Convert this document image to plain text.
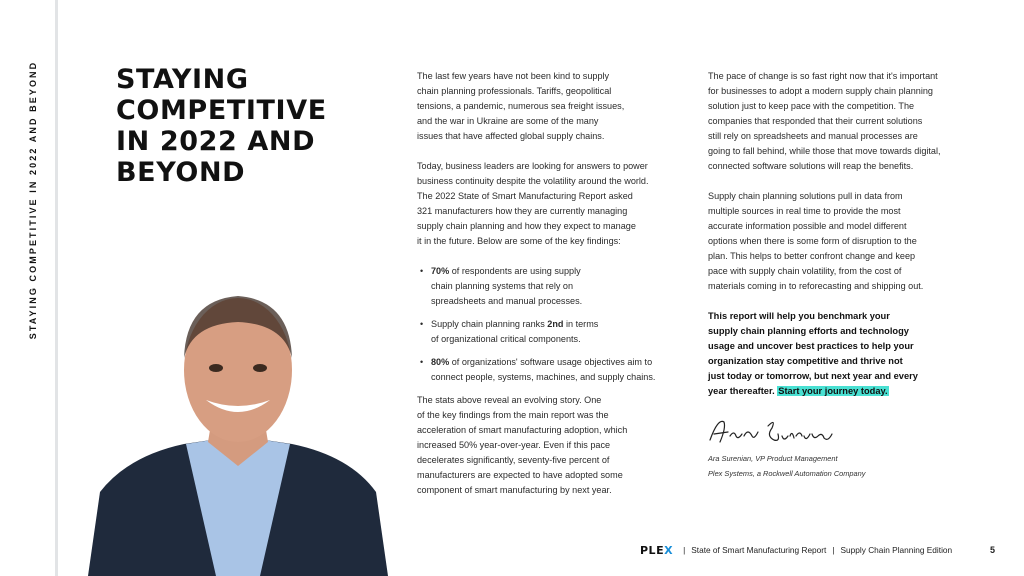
STAYING COMPETITIVE IN 2022 AND BEYOND	STAYING
COMPETITIVE
IN 2022 AND
BEYOND

The last few years have not been kind to supply
chain planning professionals. Tariffs, geopolitical
tensions, a pandemic, numerous sea freight issues,
and the war in Ukraine are some of the many
issues that have affected global supply chains.

Today, business leaders are looking for answers to power
business continuity despite the volatility around the world.
The 2022 State of Smart Manufacturing Report asked
321 manufacturers how they are currently managing
supply chain planning and how they expect to manage
it in the future. Below are some of the key findings:

• 70% of respondents are using supply
chain planning systems that rely on
spreadsheets and manual processes.
• Supply chain planning ranks 2nd in terms
of organizational critical components.
• 80% of organizations' software usage objectives aim to
connect people, systems, machines, and supply chains.

The stats above reveal an evolving story. One
of the key findings from the main report was the
acceleration of smart manufacturing adoption, which
increased 50% year-over-year. Even if this pace
decelerates significantly, seventy-five percent of
manufacturers are expected to have adopted some
component of smart manufacturing by next year.

The pace of change is so fast right now that it's important
for businesses to adopt a modern supply chain planning
solution just to keep pace with the competition. The
companies that responded that their current solutions
still rely on spreadsheets and manual processes are
going to fall behind, while those that move towards digital,
connected software solutions will reap the benefits.

Supply chain planning solutions pull in data from
multiple sources in real time to provide the most
accurate information possible and model different
options when there is some form of disruption to the
plan. This helps to better confront change and keep
pace with supply chain volatility, from the cost of
materials coming in to reforecasting and shipping out.

This report will help you benchmark your
supply chain planning efforts and technology
usage and uncover best practices to help your
organization stay competitive and thrive not
just today or tomorrow, but next year and every
year thereafter. Start your journey today.

Ara Surenian, VP Product Management
Plex Systems, a Rockwell Automation Company
PLEX | State of Smart Manufacturing Report | Supply Chain Planning Edition	5
